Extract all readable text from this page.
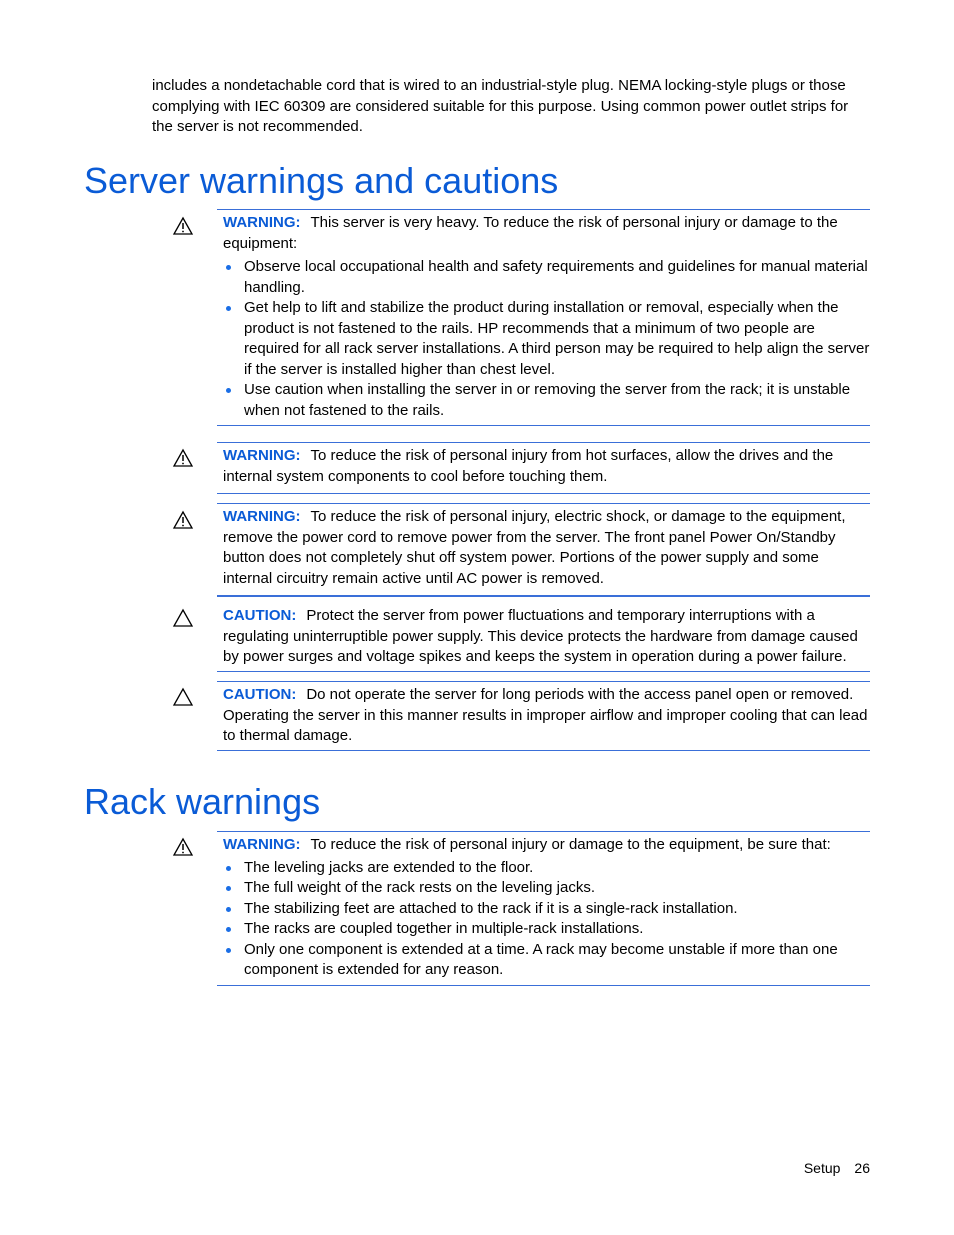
includes a nondetachable cord that is wired to an industrial-style plug. NEMA locking-style plugs or those complying with IEC 60309 are considered suitable for this purpose. Using common power outlet strips for the server is not recommended.

Server warnings and cautions
WARNING: This server is very heavy. To reduce the risk of personal injury or damage to the equipment:
Observe local occupational health and safety requirements and guidelines for manual material handling.
Get help to lift and stabilize the product during installation or removal, especially when the product is not fastened to the rails. HP recommends that a minimum of two people are required for all rack server installations. A third person may be required to help align the server if the server is installed higher than chest level.
Use caution when installing the server in or removing the server from the rack; it is unstable when not fastened to the rails.
WARNING: To reduce the risk of personal injury from hot surfaces, allow the drives and the internal system components to cool before touching them.
WARNING: To reduce the risk of personal injury, electric shock, or damage to the equipment, remove the power cord to remove power from the server. The front panel Power On/Standby button does not completely shut off system power. Portions of the power supply and some internal circuitry remain active until AC power is removed.
CAUTION: Protect the server from power fluctuations and temporary interruptions with a regulating uninterruptible power supply. This device protects the hardware from damage caused by power surges and voltage spikes and keeps the system in operation during a power failure.
CAUTION: Do not operate the server for long periods with the access panel open or removed. Operating the server in this manner results in improper airflow and improper cooling that can lead to thermal damage.
Rack warnings
WARNING: To reduce the risk of personal injury or damage to the equipment, be sure that:
The leveling jacks are extended to the floor.
The full weight of the rack rests on the leveling jacks.
The stabilizing feet are attached to the rack if it is a single-rack installation.
The racks are coupled together in multiple-rack installations.
Only one component is extended at a time. A rack may become unstable if more than one component is extended for any reason.
Setup 26
